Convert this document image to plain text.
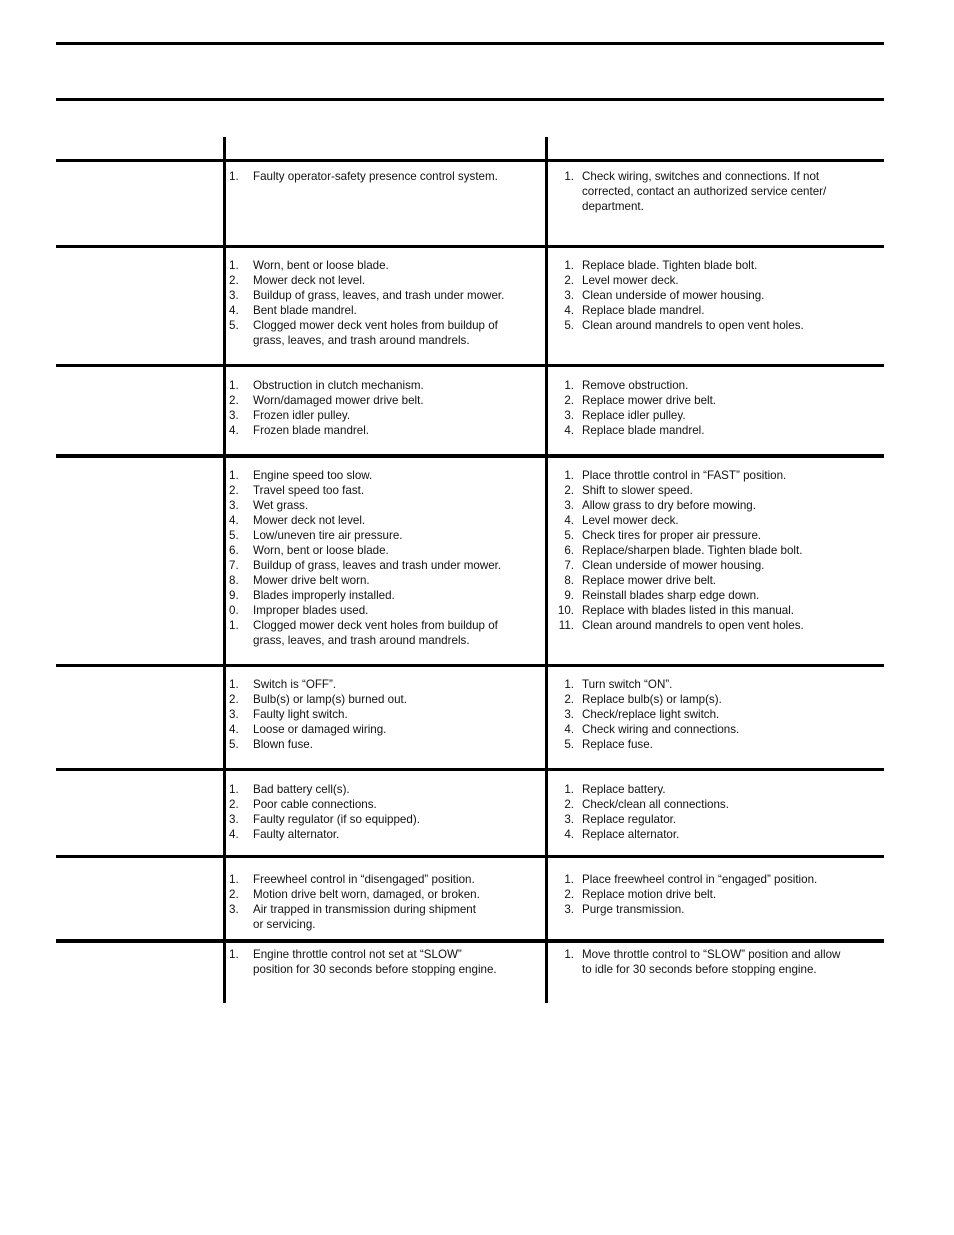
1. Faulty operator-safety presence control system.	1. Check wiring, switches and connections. If not
corrected, contact an authorized service center/
department.
1. Worn, bent or loose blade.
2. Mower deck not level.
3. Buildup of grass, leaves, and trash under mower.
4. Bent blade mandrel.
5. Clogged mower deck vent holes from buildup of
grass, leaves, and trash around mandrels.
1. Replace blade. Tighten blade bolt.
2. Level mower deck.
3. Clean underside of mower housing.
4. Replace blade mandrel.
5. Clean around mandrels to open vent holes.
1. Obstruction in clutch mechanism.
2. Worn/damaged mower drive belt.
3. Frozen idler pulley.
4. Frozen blade mandrel.
1. Remove obstruction.
2. Replace mower drive belt.
3. Replace idler pulley.
4. Replace blade mandrel.
1. Engine speed too slow.
2. Travel speed too fast.
3. Wet grass.
4. Mower deck not level.
5. Low/uneven tire air pressure.
6. Worn, bent or loose blade.
7. Buildup of grass, leaves and trash under mower.
8. Mower drive belt worn.
9. Blades improperly installed.
0. Improper blades used.
1. Clogged mower deck vent holes from buildup of
grass, leaves, and trash around mandrels.
1. Place throttle control in “FAST” position.
2. Shift to slower speed.
3. Allow grass to dry before mowing.
4. Level mower deck.
5. Check tires for proper air pressure.
6. Replace/sharpen blade. Tighten blade bolt.
7. Clean underside of mower housing.
8. Replace mower drive belt.
9. Reinstall blades sharp edge down.
10. Replace with blades listed in this manual.
11. Clean around mandrels to open vent holes.
1. Switch is “OFF”.
2. Bulb(s) or lamp(s) burned out.
3. Faulty light switch.
4. Loose or damaged wiring.
5. Blown fuse.
1. Turn switch “ON”.
2. Replace bulb(s) or lamp(s).
3. Check/replace light switch.
4. Check wiring and connections.
5. Replace fuse.
1. Bad battery cell(s).
2. Poor cable connections.
3. Faulty regulator (if so equipped).
4. Faulty alternator.
1. Replace battery.
2. Check/clean all connections.
3. Replace regulator.
4. Replace alternator.
1. Freewheel control in “disengaged” position.
2. Motion drive belt worn, damaged, or broken.
3. Air trapped in transmission during shipment
or servicing.
1. Place freewheel control in “engaged” position.
2. Replace motion drive belt.
3. Purge transmission.
1. Engine throttle control not set at “SLOW”
position for 30 seconds before stopping engine.
1. Move throttle control to “SLOW” position and allow
to idle for 30 seconds before stopping engine.
